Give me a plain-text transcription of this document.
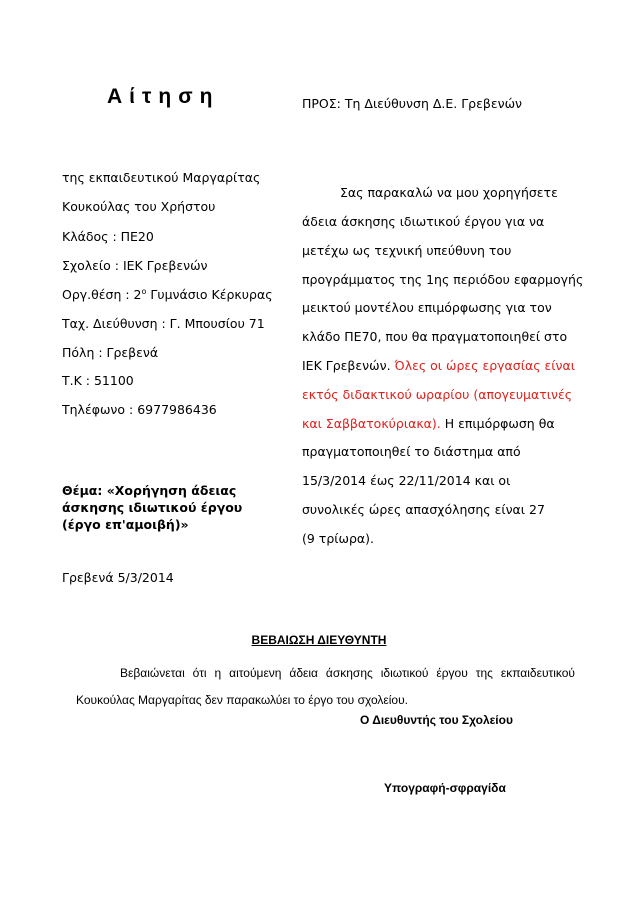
Αίτηση	ΠΡΟΣ: Τη Διεύθυνση Δ.Ε. Γρεβενών
της εκπαιδευτικού Μαργαρίτας
Κουκούλας του Χρήστου
Κλάδος : ΠΕ20
Σχολείο : ΙΕΚ Γρεβενών
Οργ.θέση : $2^o$ Γυμνάσιο Κέρκυρας
Ταχ. Διεύθυνση : Γ. Μπουσίου 71
Πόλη : Γρεβενά
Τ.Κ : 51100
Τηλέφωνο : 6977986436
Θέμα: «Χορήγηση άδειας άσκησης ιδιωτικού έργου (έργο επ'αμοιβή)»
Γρεβενά 5/3/2014
Σας παρακαλώ να μου χορηγήσετε
άδεια άσκησης ιδιωτικού έργου για να
μετέχω ως τεχνική υπεύθυνη του
προγράμματος της 1ης περιόδου εφαρμογής
μεικτού μοντέλου επιμόρφωσης για τον
κλάδο ΠΕ70, που θα πραγματοποιηθεί στο
ΙΕΚ Γρεβενών. Όλες οι ώρες εργασίας είναι
εκτός διδακτικού ωραρίου (απογευματινές
και Σαββατοκύριακα). Η επιμόρφωση θα
πραγματοποιηθεί το διάστημα από
15/3/2014 έως 22/11/2014 και οι
συνολικές ώρες απασχόλησης είναι 27
(9 τρίωρα).
ΒΕΒΑΙΩΣΗ ΔΙΕΥΘΥΝΤΗ
Βεβαιώνεται ότι η αιτούμενη άδεια άσκησης ιδιωτικού έργου της εκπαιδευτικού Κουκούλας Μαργαρίτας δεν παρακωλύει το έργο του σχολείου.
Ο Διευθυντής του Σχολείου
Υπογραφή-σφραγίδα
